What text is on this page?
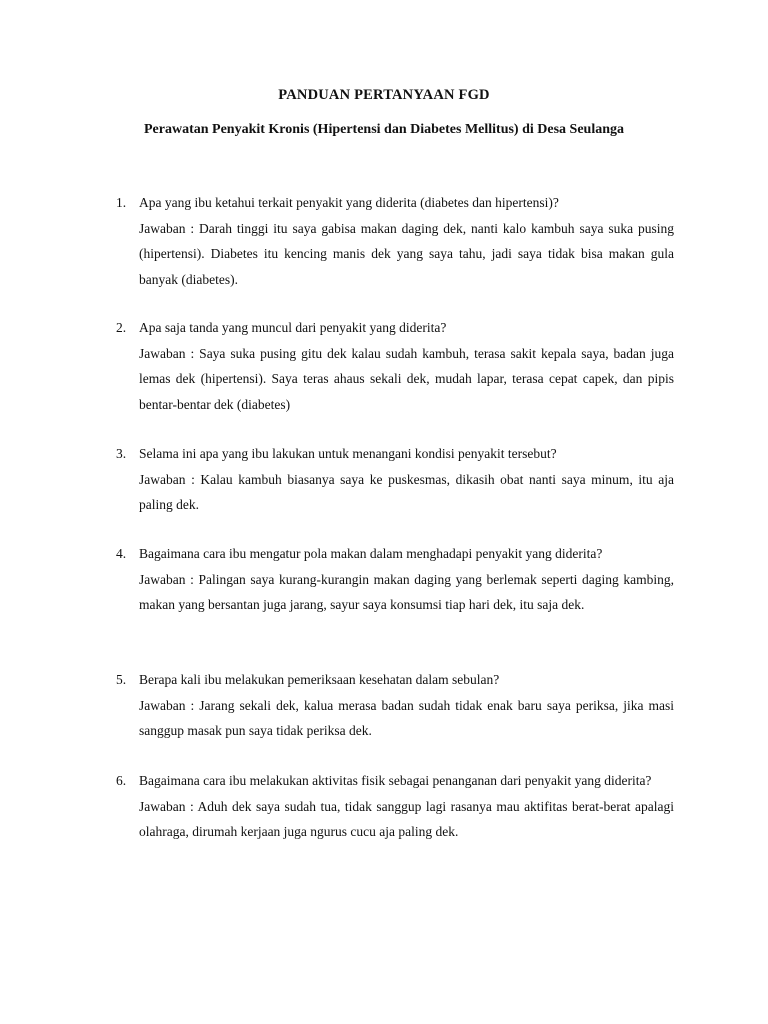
PANDUAN PERTANYAAN FGD
Perawatan Penyakit Kronis (Hipertensi dan Diabetes Mellitus) di Desa Seulanga
1. Apa yang ibu ketahui terkait penyakit yang diderita (diabetes dan hipertensi)?
Jawaban : Darah tinggi itu saya gabisa makan daging dek, nanti kalo kambuh saya suka pusing (hipertensi). Diabetes itu kencing manis dek yang saya tahu, jadi saya tidak bisa makan gula banyak (diabetes).
2. Apa saja tanda yang muncul dari penyakit yang diderita?
Jawaban : Saya suka pusing gitu dek kalau sudah kambuh, terasa sakit kepala saya, badan juga lemas dek (hipertensi). Saya teras ahaus sekali dek, mudah lapar, terasa cepat capek, dan pipis bentar-bentar dek (diabetes)
3. Selama ini apa yang ibu lakukan untuk menangani kondisi penyakit tersebut?
Jawaban : Kalau kambuh biasanya saya ke puskesmas, dikasih obat nanti saya minum, itu aja paling dek.
4. Bagaimana cara ibu mengatur pola makan dalam menghadapi penyakit yang diderita?
Jawaban : Palingan saya kurang-kurangin makan daging yang berlemak seperti daging kambing, makan yang bersantan juga jarang, sayur saya konsumsi tiap hari dek, itu saja dek.
5. Berapa kali ibu melakukan pemeriksaan kesehatan dalam sebulan?
Jawaban : Jarang sekali dek, kalua merasa badan sudah tidak enak baru saya periksa, jika masi sanggup masak pun saya tidak periksa dek.
6. Bagaimana cara ibu melakukan aktivitas fisik sebagai penanganan dari penyakit yang diderita?
Jawaban : Aduh dek saya sudah tua, tidak sanggup lagi rasanya mau aktifitas berat-berat apalagi olahraga, dirumah kerjaan juga ngurus cucu aja paling dek.
